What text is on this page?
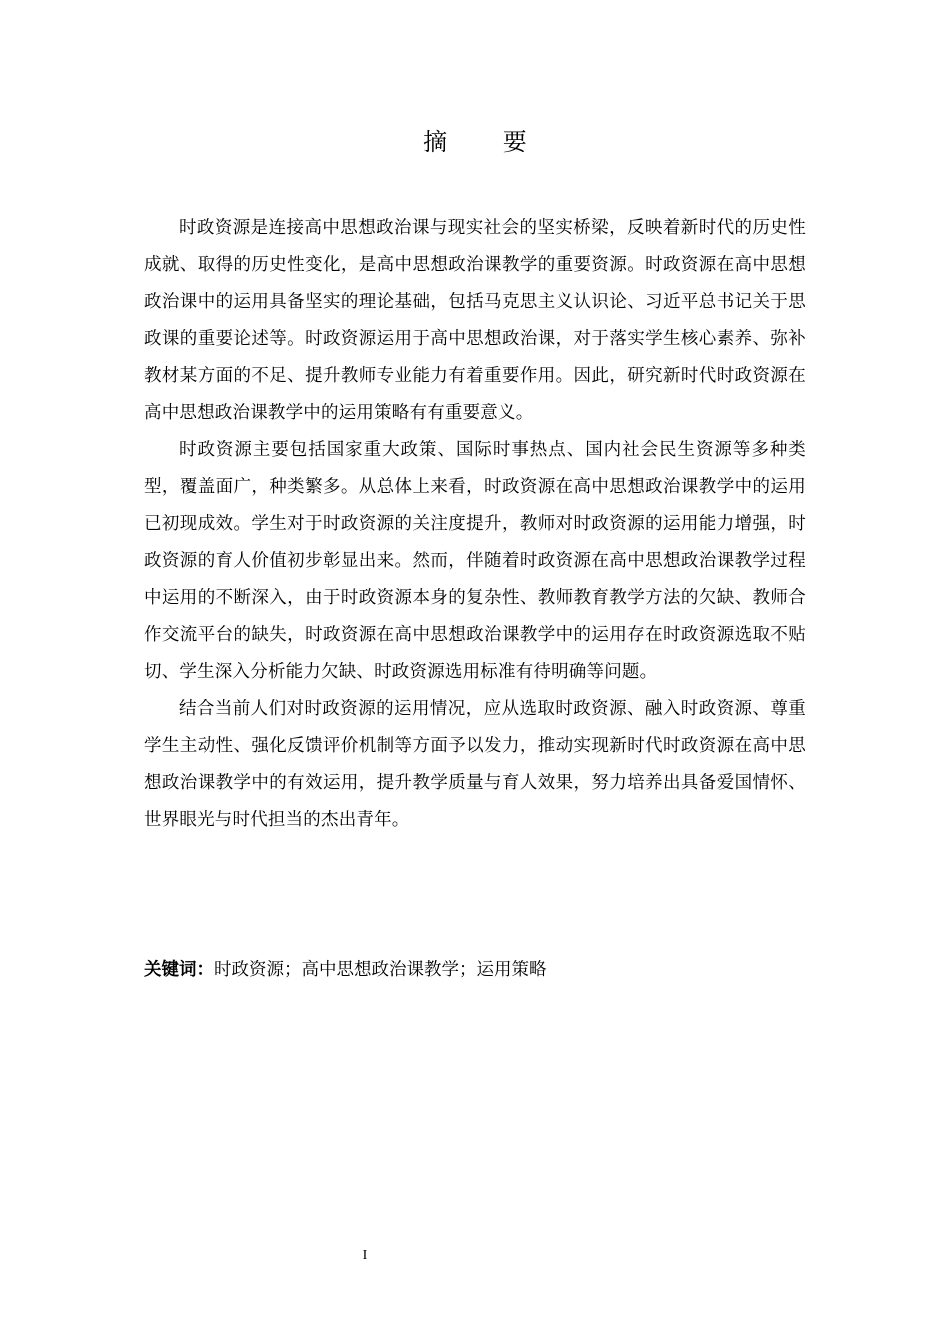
摘 要

时政资源是连接高中思想政治课与现实社会的坚实桥梁，反映着新时代的历史性成就、取得的历史性变化，是高中思想政治课教学的重要资源。时政资源在高中思想政治课中的运用具备坚实的理论基础，包括马克思主义认识论、习近平总书记关于思政课的重要论述等。时政资源运用于高中思想政治课，对于落实学生核心素养、弥补教材某方面的不足、提升教师专业能力有着重要作用。因此，研究新时代时政资源在高中思想政治课教学中的运用策略有有重要意义。

时政资源主要包括国家重大政策、国际时事热点、国内社会民生资源等多种类型，覆盖面广，种类繁多。从总体上来看，时政资源在高中思想政治课教学中的运用已初现成效。学生对于时政资源的关注度提升，教师对时政资源的运用能力增强，时政资源的育人价值初步彰显出来。然而，伴随着时政资源在高中思想政治课教学过程中运用的不断深入，由于时政资源本身的复杂性、教师教育教学方法的欠缺、教师合作交流平台的缺失，时政资源在高中思想政治课教学中的运用存在时政资源选取不贴切、学生深入分析能力欠缺、时政资源选用标准有待明确等问题。

结合当前人们对时政资源的运用情况，应从选取时政资源、融入时政资源、尊重学生主动性、强化反馈评价机制等方面予以发力，推动实现新时代时政资源在高中思想政治课教学中的有效运用，提升教学质量与育人效果，努力培养出具备爱国情怀、世界眼光与时代担当的杰出青年。

关键词：时政资源；高中思想政治课教学；运用策略
I
